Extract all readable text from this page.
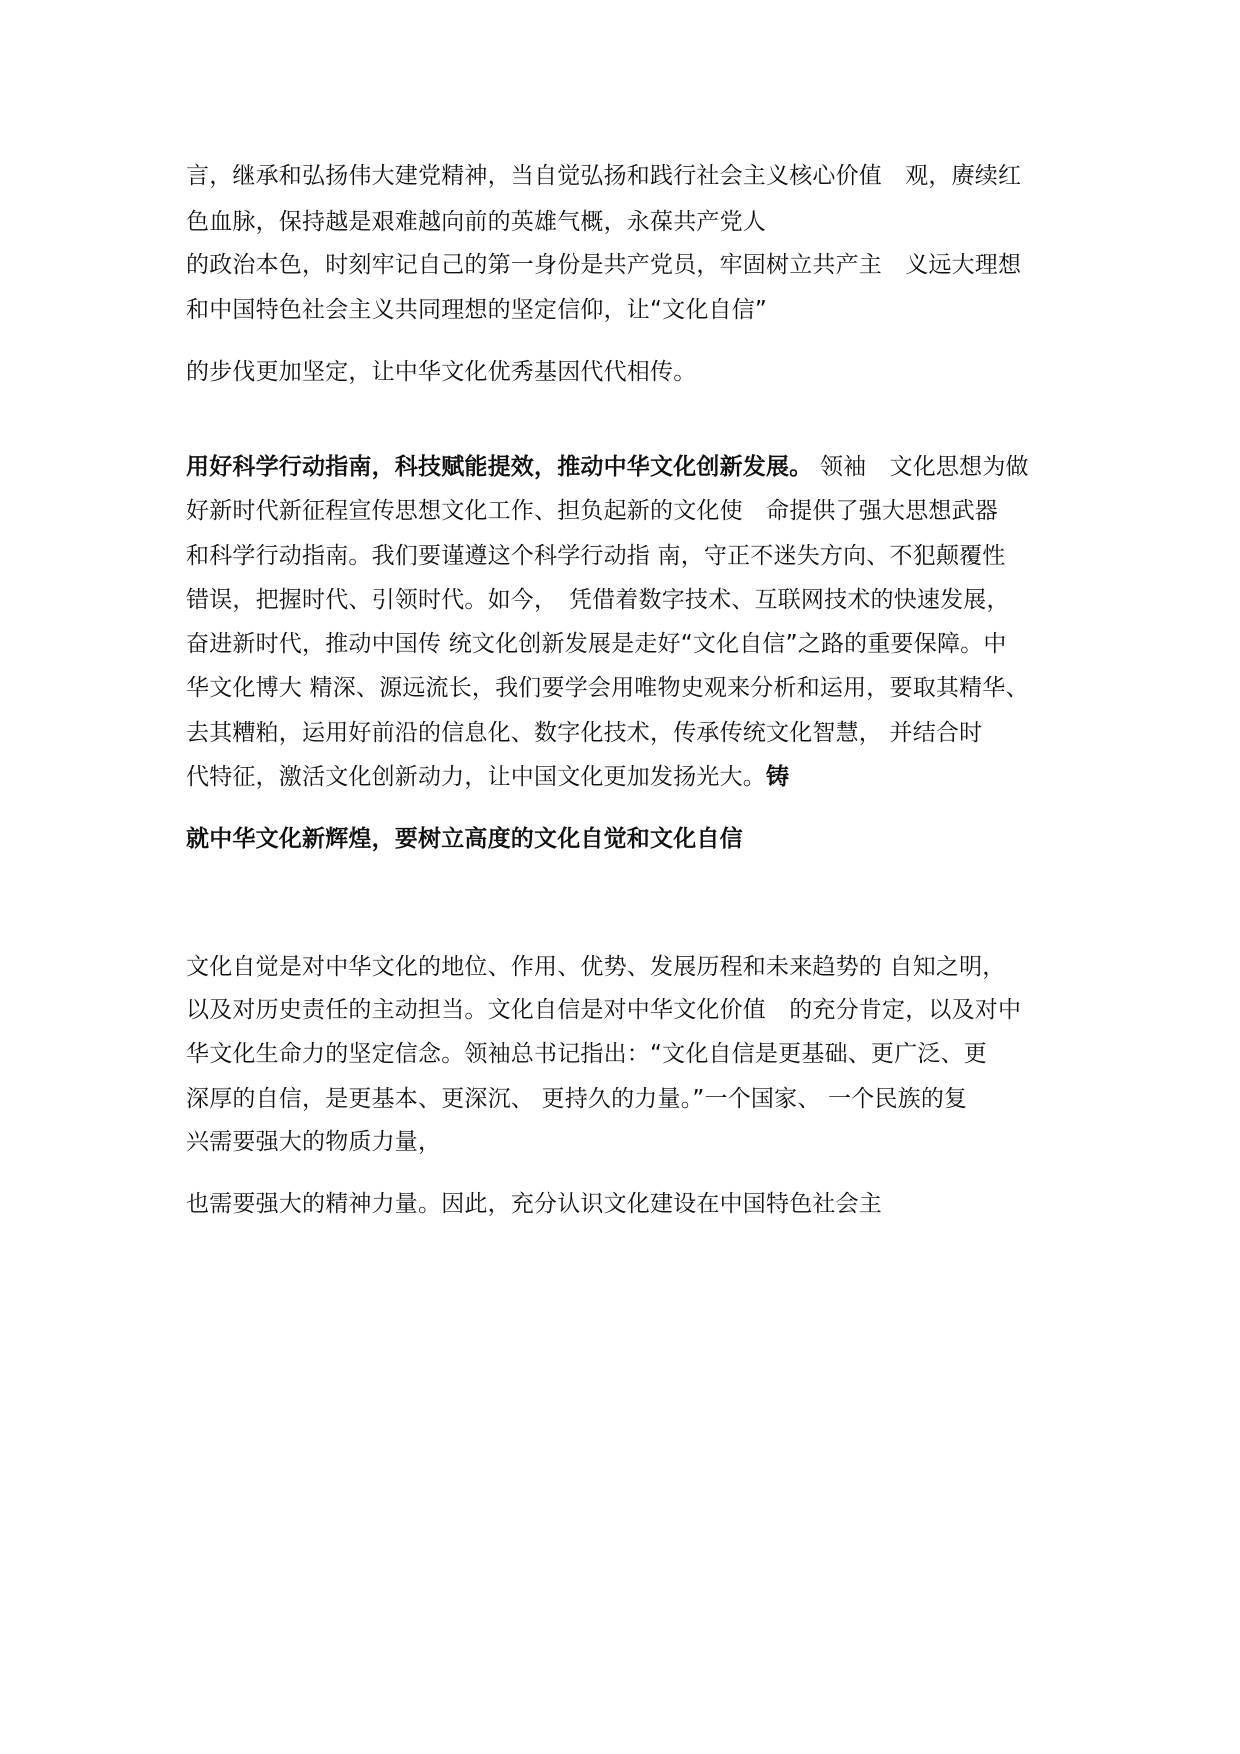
言，继承和弘扬伟大建党精神，当自觉弘扬和践行社会主义核心价值　观，赓续红

色血脉，保持越是艰难越向前的英雄气概，永葆共产党人

的政治本色，时刻牢记自己的第一身份是共产党员，牢固树立共产主　义远大理想

和中国特色社会主义共同理想的坚定信仰，让“文化自信”

的步伐更加坚定，让中华文化优秀基因代代相传。

用好科学行动指南，科技赋能提效，推动中华文化创新发展。 领袖　文化思想为做

好新时代新征程宣传思想文化工作、担负起新的文化使　命提供了强大思想武器

和科学行动指南。我们要谨遵这个科学行动指 南，守正不迷失方向、不犯颠覆性

错误，把握时代、引领时代。如今，　凭借着数字技术、互联网技术的快速发展，

奋进新时代，推动中国传 统文化创新发展是走好“文化自信”之路的重要保障。中

华文化博大 精深、源远流长，我们要学会用唯物史观来分析和运用，要取其精华、

去其糟粕，运用好前沿的信息化、数字化技术，传承传统文化智慧， 并结合时

代特征，激活文化创新动力，让中国文化更加发扬光大。铸

就中华文化新辉煌，要树立高度的文化自觉和文化自信

文化自觉是对中华文化的地位、作用、优势、发展历程和未来趋势的 自知之明，

以及对历史责任的主动担当。文化自信是对中华文化价值　的充分肯定，以及对中

华文化生命力的坚定信念。领袖总书记指出：“文化自信是更基础、更广泛、更

深厚的自信，是更基本、更深沉、 更持久的力量。”一个国家、 一个民族的复

兴需要强大的物质力量，

也需要强大的精神力量。因此，充分认识文化建设在中国特色社会主
